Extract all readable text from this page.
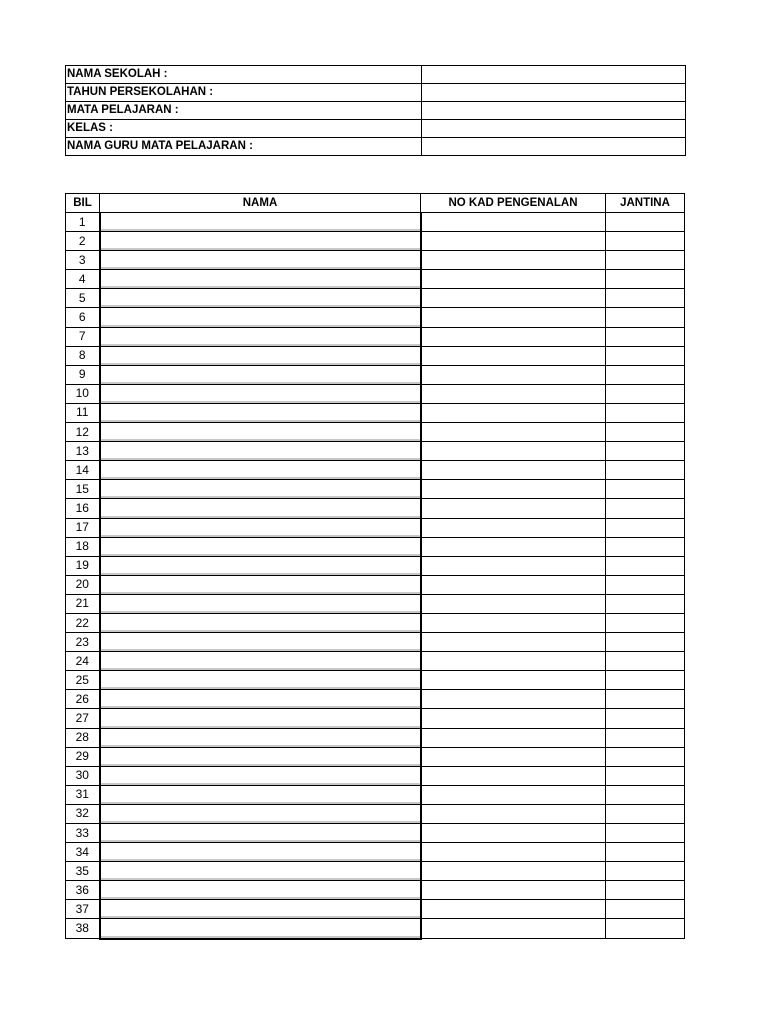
NAMA SEKOLAH :	
TAHUN PERSEKOLAHAN :	
MATA PELAJARAN :	
KELAS :	
NAMA GURU MATA PELAJARAN :	
BIL	NAMA	NO KAD PENGENALAN	JANTINA
1			
2			
3			
4			
5			
6			
7			
8			
9			
10			
11			
12			
13			
14			
15			
16			
17			
18			
19			
20			
21			
22			
23			
24			
25			
26			
27			
28			
29			
30			
31			
32			
33			
34			
35			
36			
37			
38			
